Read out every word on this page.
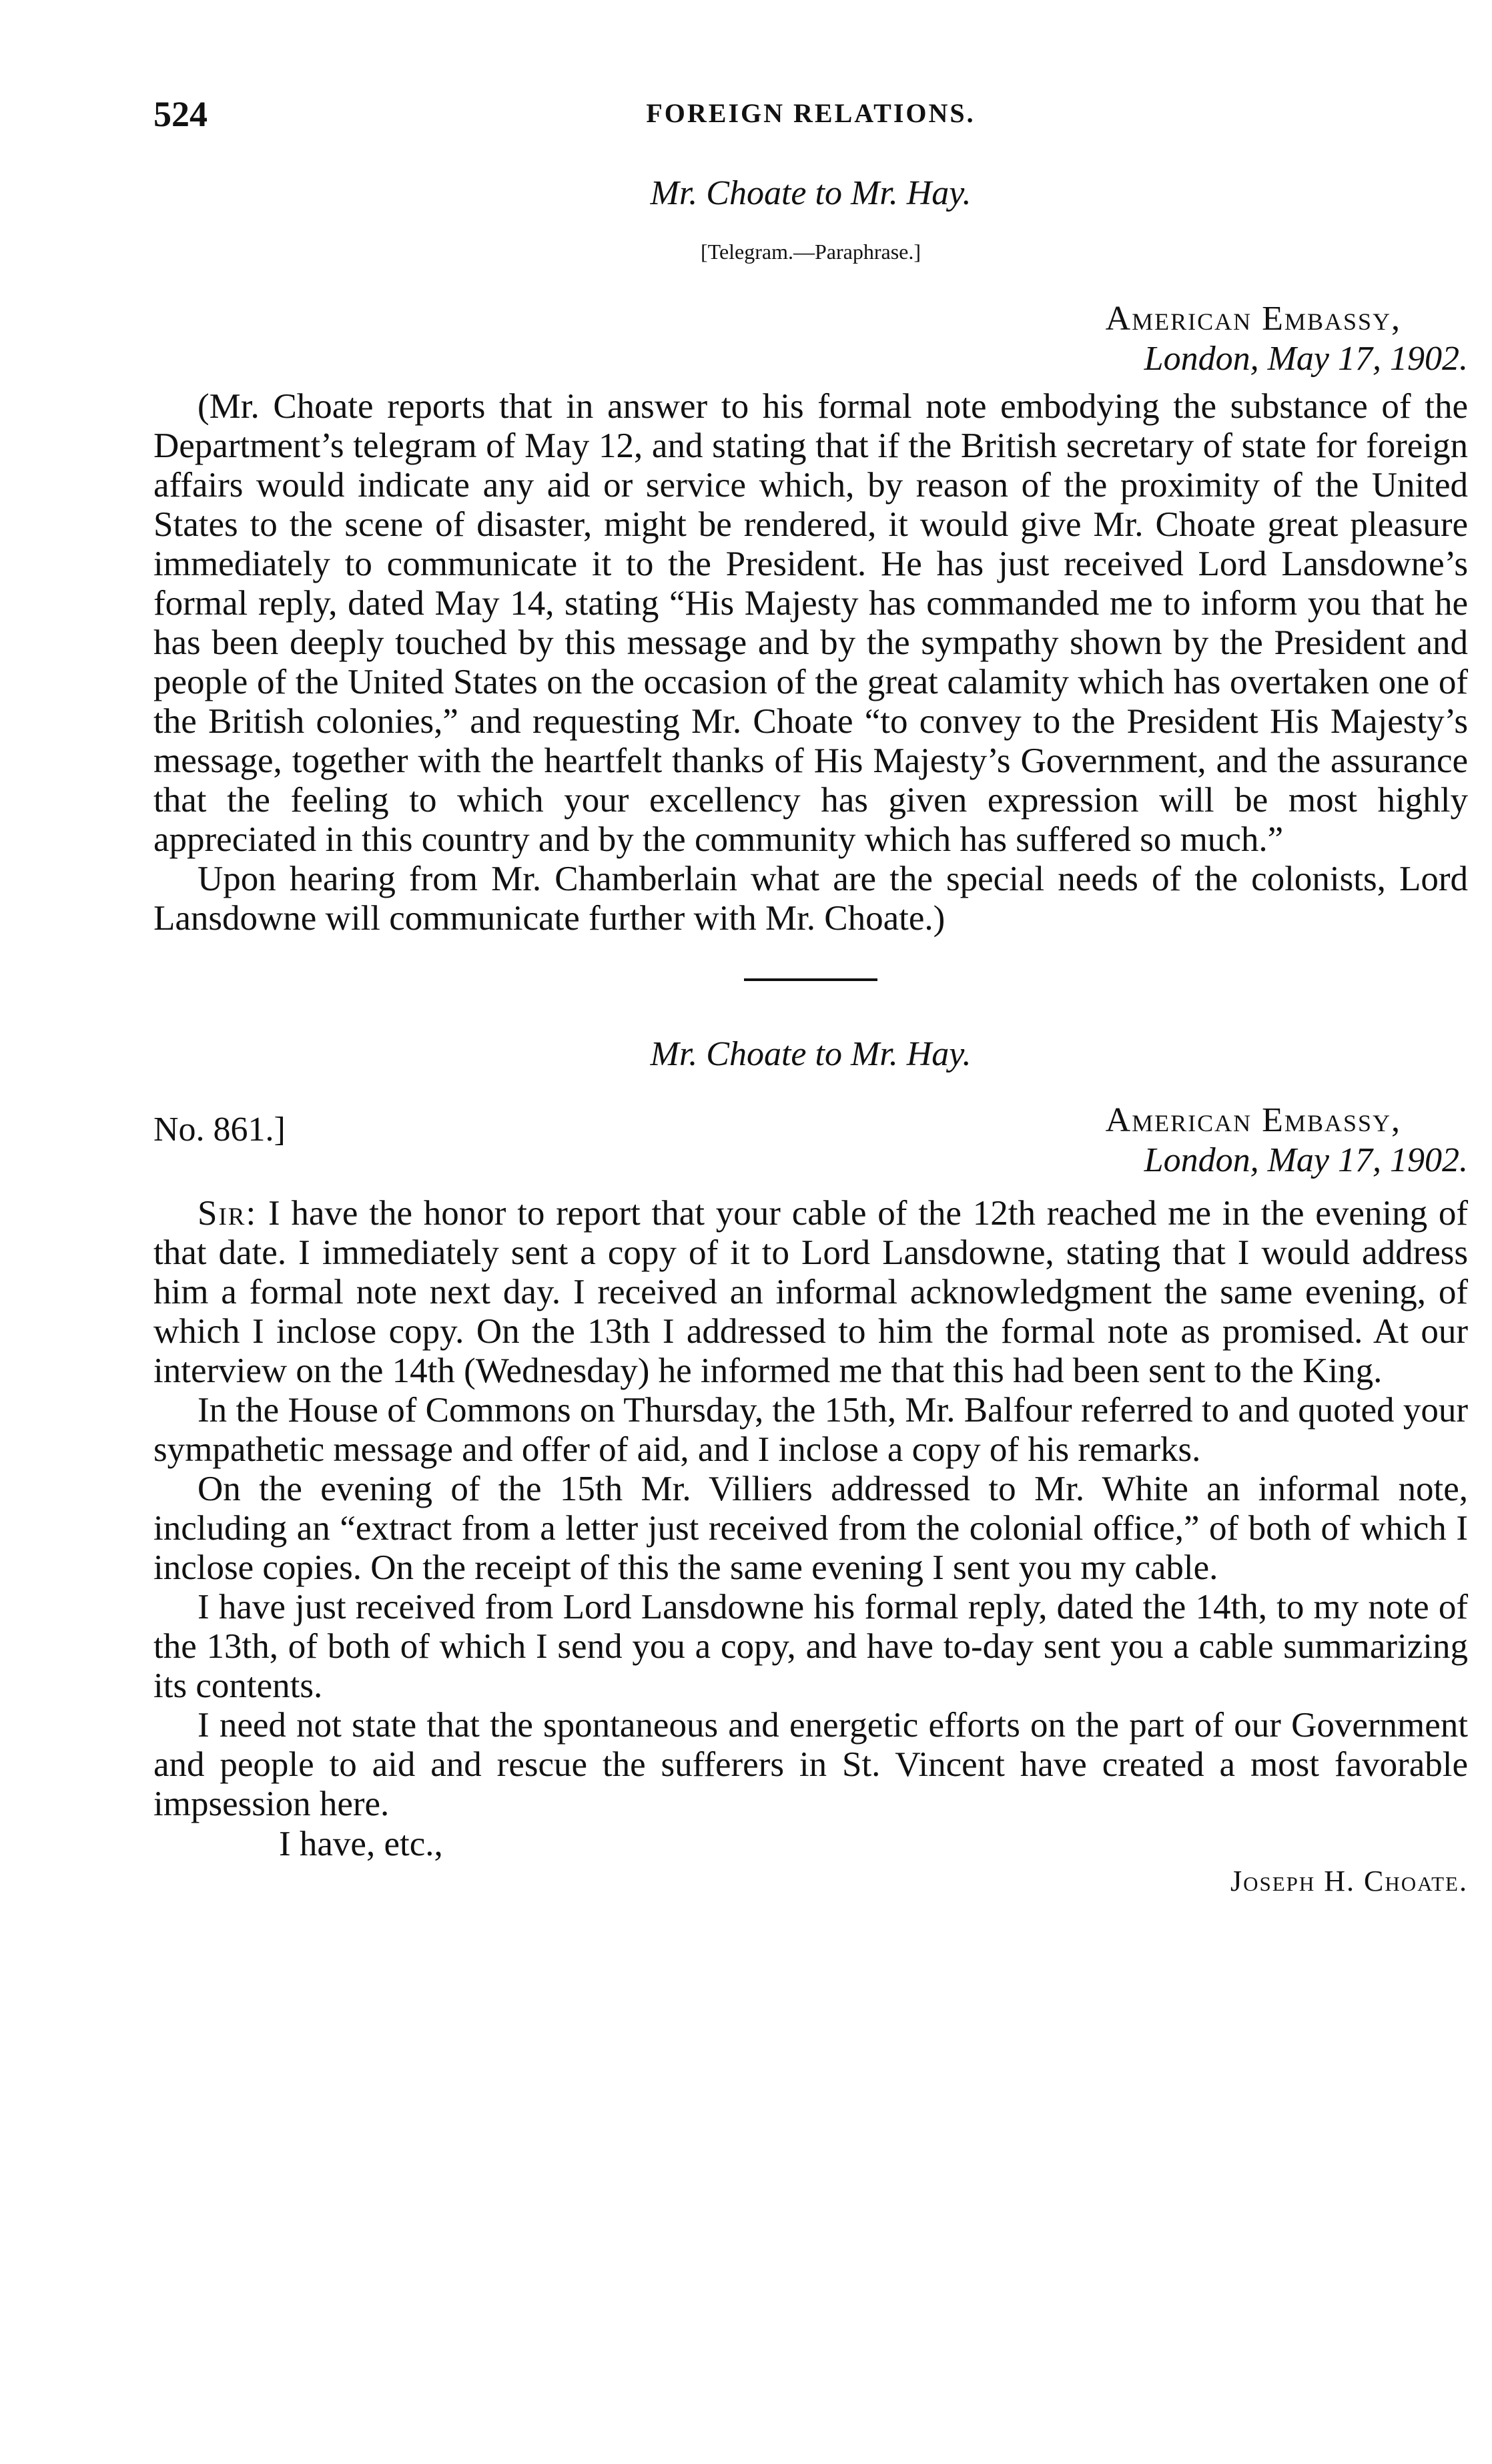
524	FOREIGN RELATIONS.

Mr. Choate to Mr. Hay.

[Telegram.—Paraphrase.]

American Embassy,
London, May 17, 1902.

(Mr. Choate reports that in answer to his formal note embodying the substance of the Department’s telegram of May 12, and stating that if the British secretary of state for foreign affairs would indicate any aid or service which, by reason of the proximity of the United States to the scene of disaster, might be rendered, it would give Mr. Choate great pleasure immediately to communicate it to the President. He has just received Lord Lansdowne’s formal reply, dated May 14, stating “His Majesty has commanded me to inform you that he has been deeply touched by this message and by the sympathy shown by the President and people of the United States on the occasion of the great calamity which has overtaken one of the British colonies,” and requesting Mr. Choate “to convey to the President His Majesty’s message, together with the heartfelt thanks of His Majesty’s Government, and the assurance that the feeling to which your excellency has given expression will be most highly appreciated in this country and by the community which has suffered so much.”

Upon hearing from Mr. Chamberlain what are the special needs of the colonists, Lord Lansdowne will communicate further with Mr. Choate.)

Mr. Choate to Mr. Hay.

No. 861.]	American Embassy,
London, May 17, 1902.

Sir: I have the honor to report that your cable of the 12th reached me in the evening of that date. I immediately sent a copy of it to Lord Lansdowne, stating that I would address him a formal note next day. I received an informal acknowledgment the same evening, of which I inclose copy. On the 13th I addressed to him the formal note as promised. At our interview on the 14th (Wednesday) he informed me that this had been sent to the King.

In the House of Commons on Thursday, the 15th, Mr. Balfour referred to and quoted your sympathetic message and offer of aid, and I inclose a copy of his remarks.

On the evening of the 15th Mr. Villiers addressed to Mr. White an informal note, including an “extract from a letter just received from the colonial office,” of both of which I inclose copies. On the receipt of this the same evening I sent you my cable.

I have just received from Lord Lansdowne his formal reply, dated the 14th, to my note of the 13th, of both of which I send you a copy, and have to-day sent you a cable summarizing its contents.

I need not state that the spontaneous and energetic efforts on the part of our Government and people to aid and rescue the sufferers in St. Vincent have created a most favorable impsession here.

I have, etc.,

Joseph H. Choate.
